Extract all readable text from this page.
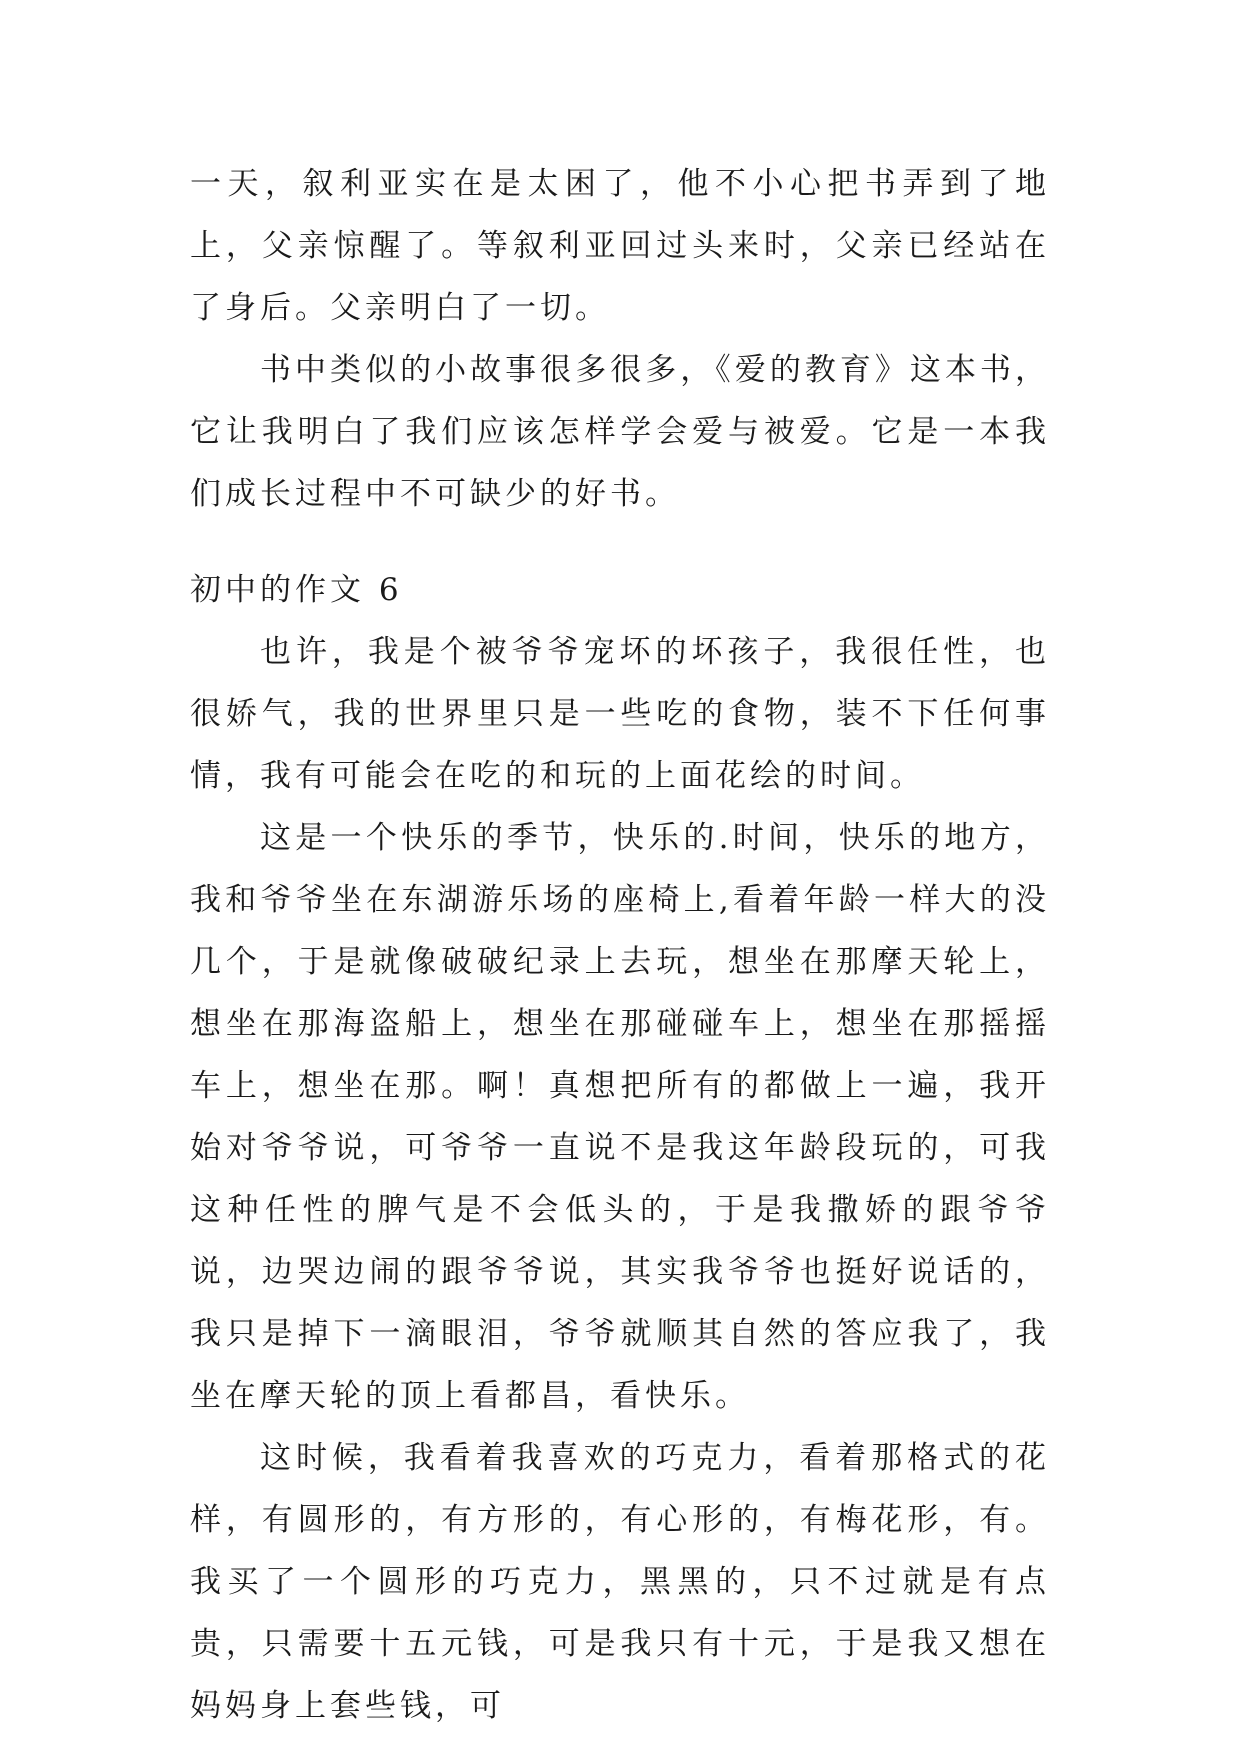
一天，叙利亚实在是太困了，他不小心把书弄到了地上，父亲惊醒了。等叙利亚回过头来时，父亲已经站在了身后。父亲明白了一切。

书中类似的小故事很多很多，《爱的教育》这本书，它让我明白了我们应该怎样学会爱与被爱。它是一本我们成长过程中不可缺少的好书。

初中的作文 6

也许，我是个被爷爷宠坏的坏孩子，我很任性，也很娇气，我的世界里只是一些吃的食物，装不下任何事情，我有可能会在吃的和玩的上面花绘的时间。

这是一个快乐的季节，快乐的.时间，快乐的地方，我和爷爷坐在东湖游乐场的座椅上,看着年龄一样大的没几个，于是就像破破纪录上去玩，想坐在那摩天轮上，想坐在那海盗船上，想坐在那碰碰车上，想坐在那摇摇车上，想坐在那。啊！真想把所有的都做上一遍，我开始对爷爷说，可爷爷一直说不是我这年龄段玩的，可我这种任性的脾气是不会低头的，于是我撒娇的跟爷爷说，边哭边闹的跟爷爷说，其实我爷爷也挺好说话的，我只是掉下一滴眼泪，爷爷就顺其自然的答应我了，我坐在摩天轮的顶上看都昌，看快乐。

这时候，我看着我喜欢的巧克力，看着那格式的花样，有圆形的，有方形的，有心形的，有梅花形，有。我买了一个圆形的巧克力，黑黑的，只不过就是有点贵，只需要十五元钱，可是我只有十元，于是我又想在妈妈身上套些钱，可
